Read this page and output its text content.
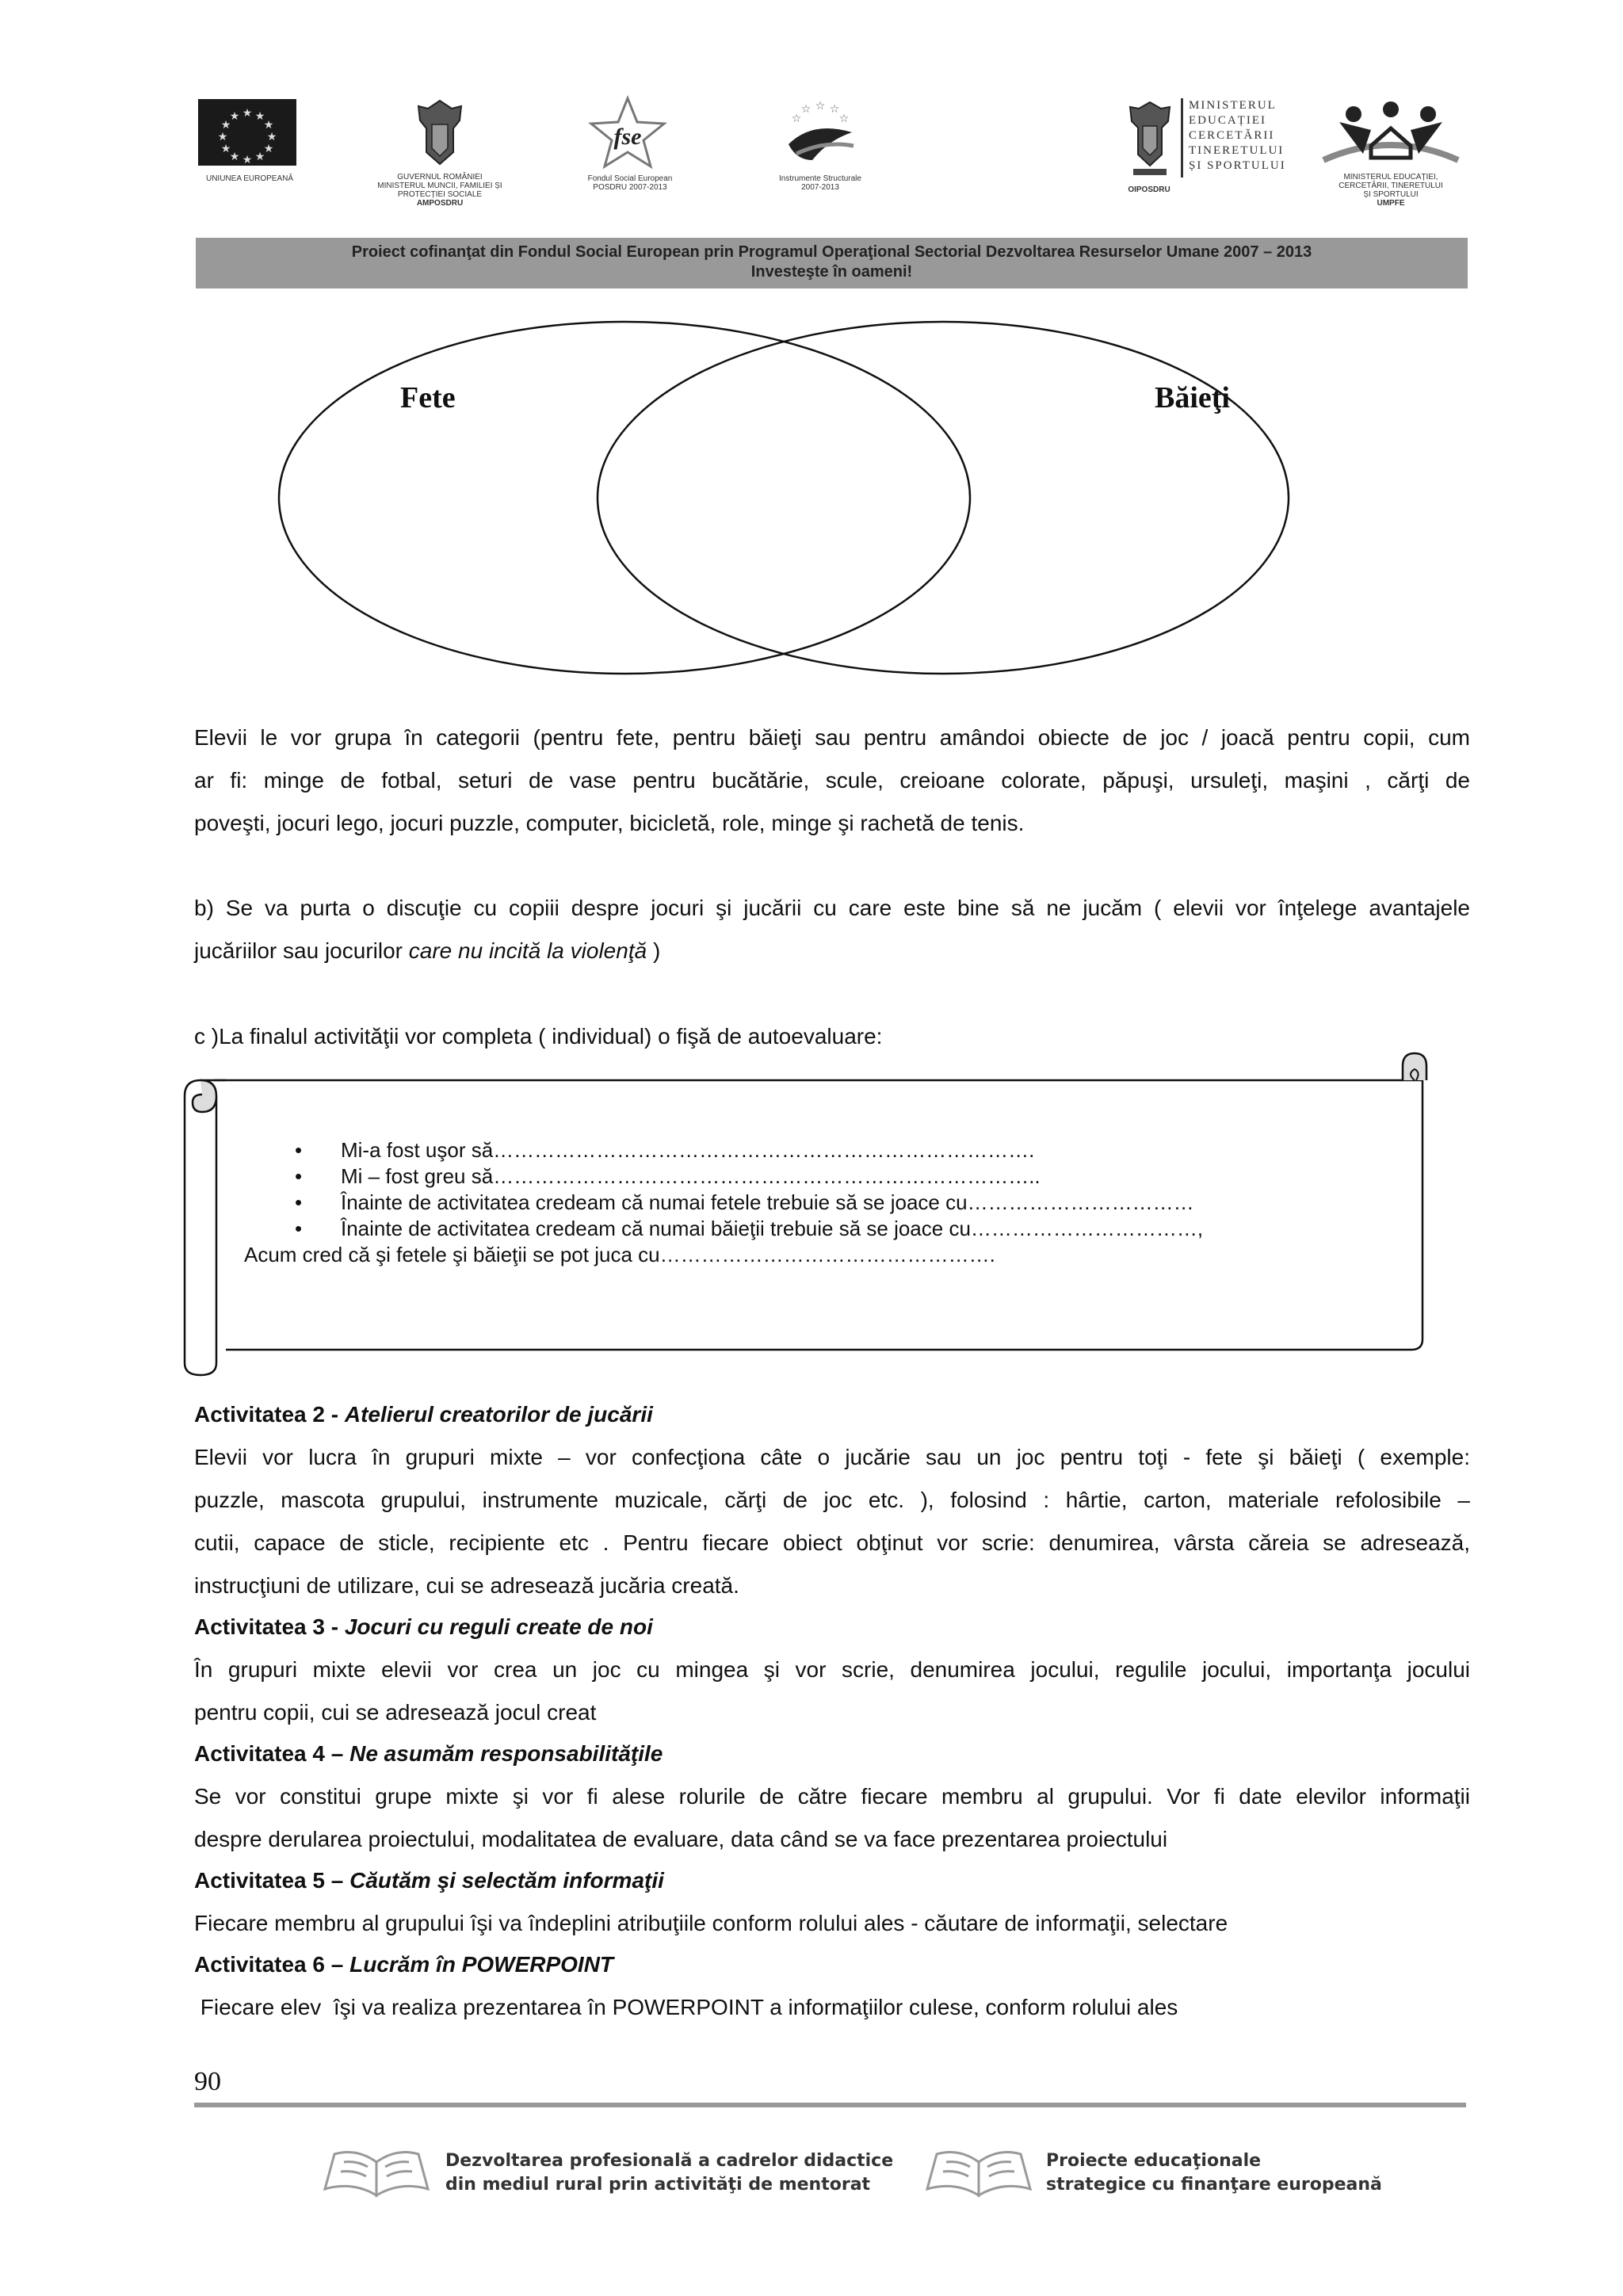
★ ★
★
★
★
★
★
★
★
★
★
★
UNIUNEA EUROPEANĂ	GUVERNUL ROMÂNIEI
MINISTERUL MUNCII, FAMILIEI ȘI
PROTECȚIEI SOCIALE
AMPOSDRU
fse
Fondul Social European
POSDRU 2007-2013
☆ ☆
☆
☆
☆
Instrumente Structurale
2007-2013
MINISTERUL
EDUCAȚIEI
CERCETĂRII
TINERETULUI
ȘI SPORTULUI
OIPOSDRU
MINISTERUL EDUCAȚIEI,
CERCETĂRII, TINERETULUI
ȘI SPORTULUI
UMPFE
Proiect cofinanţat din Fondul Social European prin Programul Operaţional Sectorial Dezvoltarea Resurselor Umane 2007 – 2013
Investeşte în oameni!
Fete	Băieţi
Elevii le vor grupa în categorii (pentru fete, pentru băieţi sau pentru amândoi obiecte de joc / joacă pentru copii, cum
ar fi: minge de fotbal, seturi de vase pentru bucătărie, scule, creioane colorate, păpuşi, ursuleţi, maşini , cărţi de
poveşti, jocuri lego, jocuri puzzle, computer, bicicletă, role, minge şi rachetă de tenis.
b) Se va purta o discuţie cu copiii despre jocuri şi jucării cu care este bine să ne jucăm ( elevii vor înţelege avantajele
jucăriilor sau jocurilor care nu incită la violenţă )
c )La finalul activităţii vor completa ( individual) o fişă de autoevaluare:
• Mi-a fost uşor să…………………………………………………………………….
• Mi – fost greu să……………………………………………………………………..
• Înainte de activitatea credeam că numai fetele trebuie să se joace cu……………………………
• Înainte de activitatea credeam că numai băieţii trebuie să se joace cu……………………………,
Acum cred că şi fetele şi băieţii se pot juca cu………………………………………….
Activitatea 2 - Atelierul creatorilor de jucării
Elevii vor lucra în grupuri mixte – vor confecţiona câte o jucărie sau un joc pentru toţi - fete şi băieţi ( exemple:
puzzle, mascota grupului, instrumente muzicale, cărţi de joc etc. ), folosind : hârtie, carton, materiale refolosibile –
cutii, capace de sticle, recipiente etc . Pentru fiecare obiect obţinut vor scrie: denumirea, vârsta căreia se adresează,
instrucţiuni de utilizare, cui se adresează jucăria creată.
Activitatea 3 - Jocuri cu reguli create de noi
În grupuri mixte elevii vor crea un joc cu mingea şi vor scrie, denumirea jocului, regulile jocului, importanţa jocului
pentru copii, cui se adresează jocul creat
Activitatea 4 – Ne asumăm responsabilităţile
Se vor constitui grupe mixte şi vor fi alese rolurile de către fiecare membru al grupului. Vor fi date elevilor informaţii
despre derularea proiectului, modalitatea de evaluare, data când se va face prezentarea proiectului
Activitatea 5 – Căutăm şi selectăm informaţii
Fiecare membru al grupului îşi va îndeplini atribuţiile conform rolului ales - căutare de informaţii, selectare
Activitatea 6 – Lucrăm în POWERPOINT
Fiecare elev  îşi va realiza prezentarea în POWERPOINT a informaţiilor culese, conform rolului ales
90
Dezvoltarea profesională a cadrelor didactice
din mediul rural prin activităţi de mentorat
Proiecte educaţionale
strategice cu finanţare europeană
